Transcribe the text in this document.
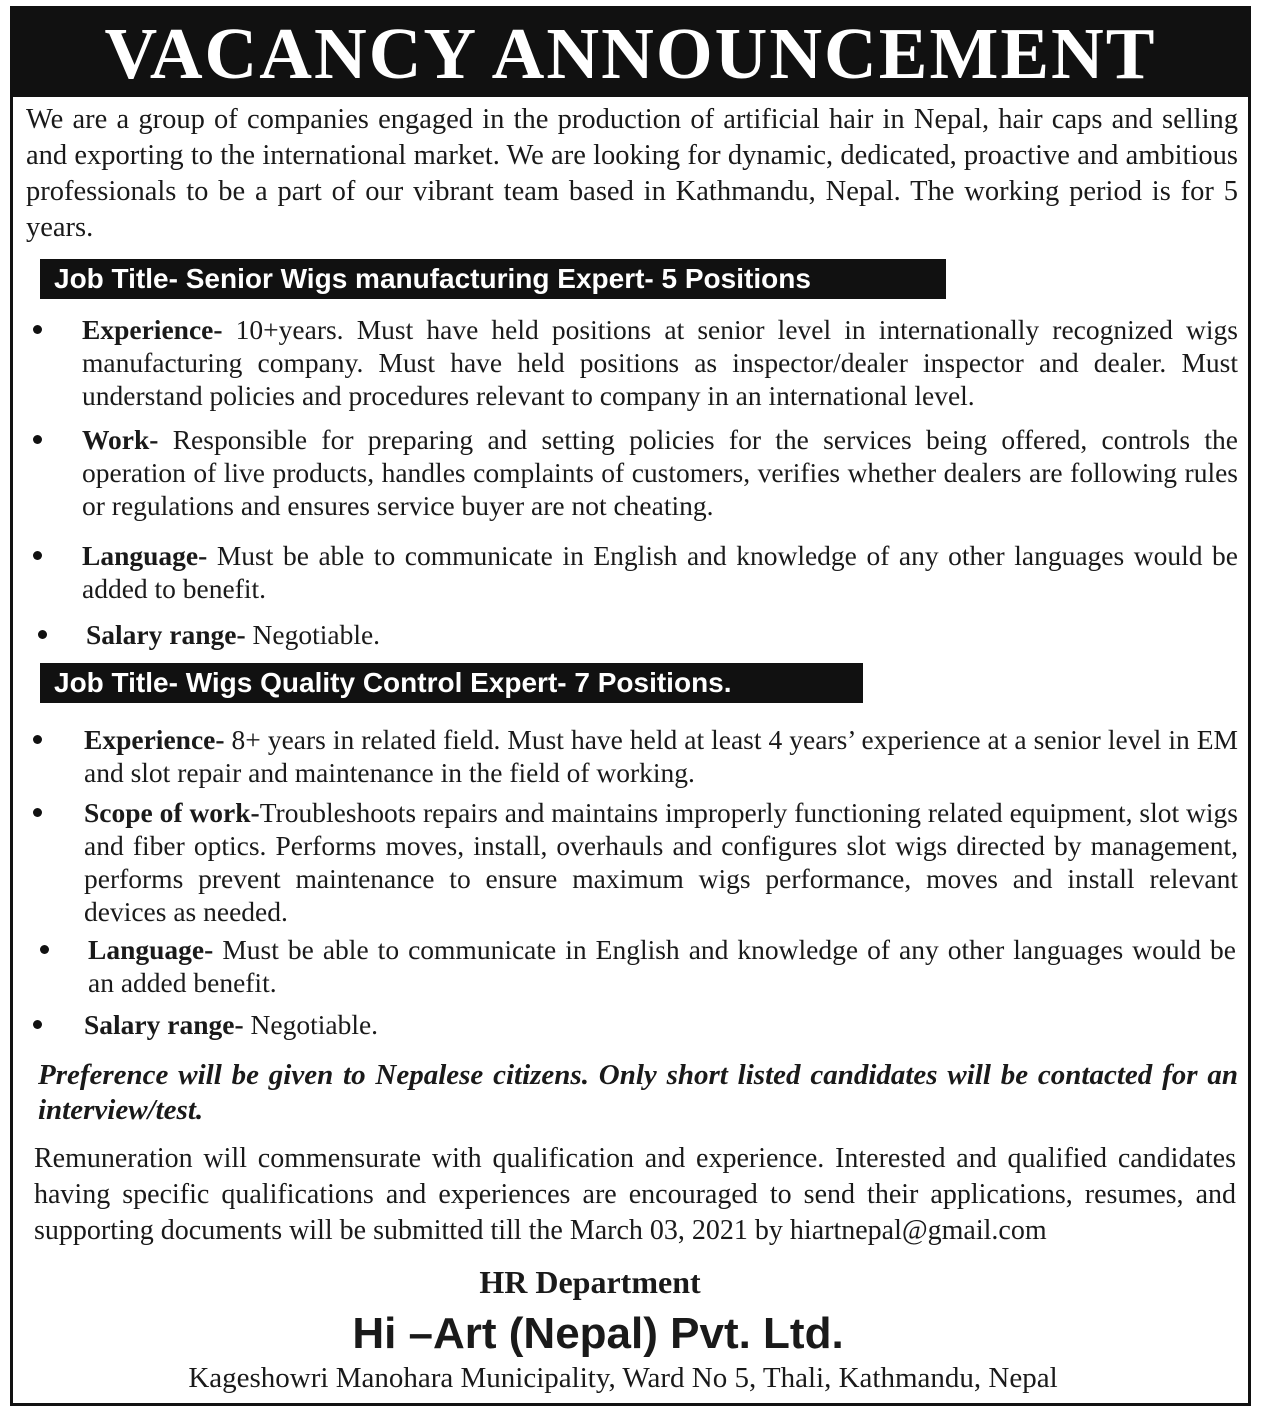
VACANCY ANNOUNCEMENT

We are a group of companies engaged in the production of artificial hair in Nepal, hair caps and selling and exporting to the international market. We are looking for dynamic, dedicated, proactive and ambitious professionals to be a part of our vibrant team based in Kathmandu, Nepal. The working period is for 5 years.

Job Title- Senior Wigs manufacturing Expert- 5 Positions

Experience- 10+years. Must have held positions at senior level in internationally recognized wigs manufacturing company. Must have held positions as inspector/dealer inspector and dealer. Must understand policies and procedures relevant to company in an international level.

Work- Responsible for preparing and setting policies for the services being offered, controls the operation of live products, handles complaints of customers, verifies whether dealers are following rules or regulations and ensures service buyer are not cheating.

Language- Must be able to communicate in English and knowledge of any other languages would be added to benefit.

Salary range- Negotiable.

Job Title- Wigs Quality Control Expert- 7 Positions.

Experience- 8+ years in related field. Must have held at least 4 years’ experience at a senior level in EM and slot repair and maintenance in the field of working.

Scope of work-Troubleshoots repairs and maintains improperly functioning related equipment, slot wigs and fiber optics. Performs moves, install, overhauls and configures slot wigs directed by management, performs prevent maintenance to ensure maximum wigs performance, moves and install relevant devices as needed.

Language- Must be able to communicate in English and knowledge of any other languages would be an added benefit.

Salary range- Negotiable.

Preference will be given to Nepalese citizens. Only short listed candidates will be contacted for an interview/test.

Remuneration will commensurate with qualification and experience. Interested and qualified candidates having specific qualifications and experiences are encouraged to send their applications, resumes, and supporting documents will be submitted till the March 03, 2021 by hiartnepal@gmail.com

HR Department

Hi –Art (Nepal) Pvt. Ltd.

Kageshowri Manohara Municipality, Ward No 5, Thali, Kathmandu, Nepal
